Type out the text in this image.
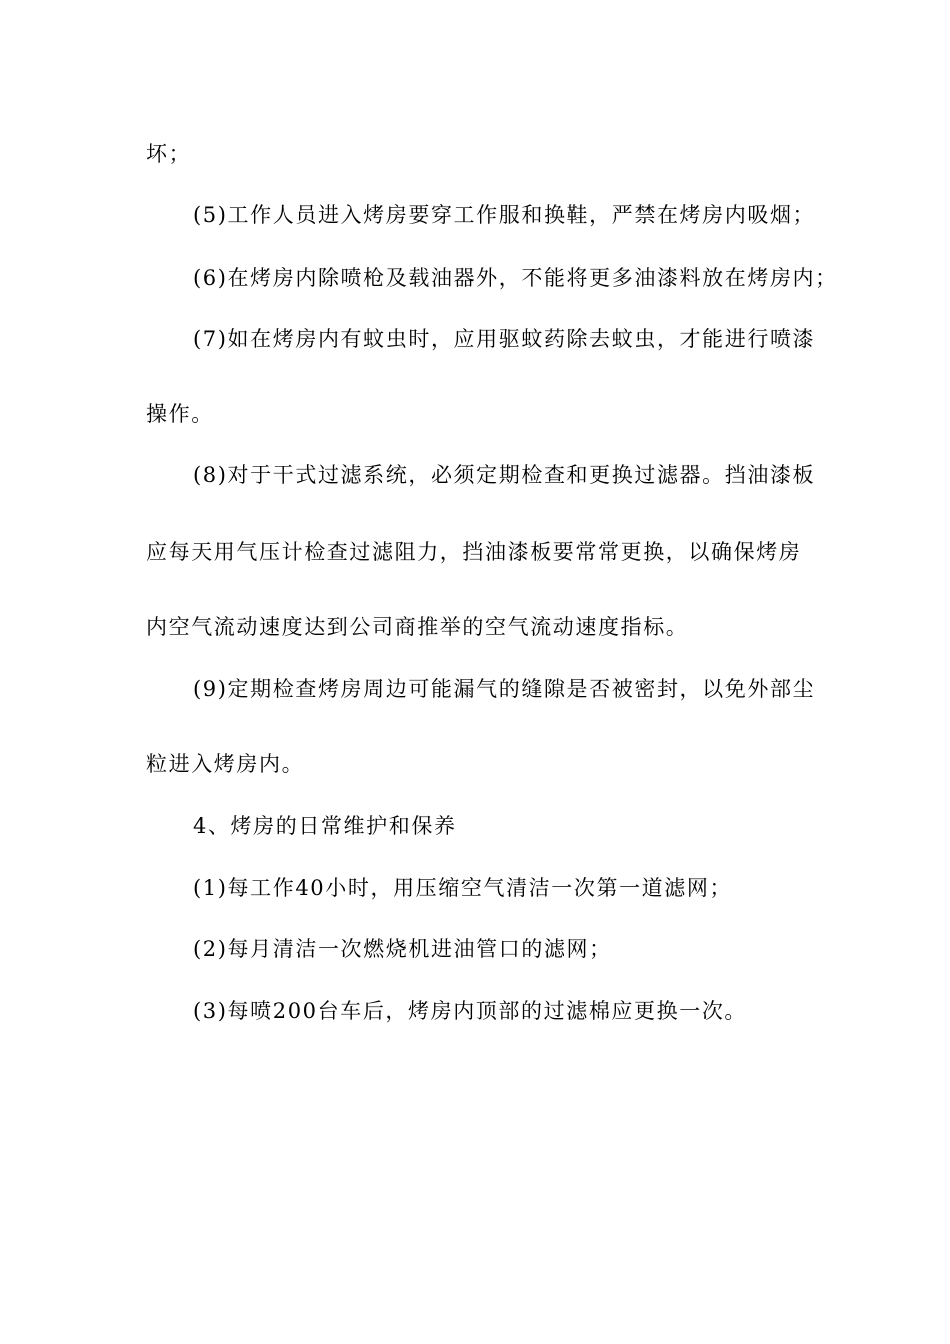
坏；
(5)工作人员进入烤房要穿工作服和换鞋，严禁在烤房内吸烟；
(6)在烤房内除喷枪及载油器外，不能将更多油漆料放在烤房内；
(7)如在烤房内有蚊虫时，应用驱蚊药除去蚊虫，才能进行喷漆
操作。
(8)对于干式过滤系统，必须定期检查和更换过滤器。挡油漆板
应每天用气压计检查过滤阻力，挡油漆板要常常更换，以确保烤房
内空气流动速度达到公司商推举的空气流动速度指标。
(9)定期检查烤房周边可能漏气的缝隙是否被密封，以免外部尘
粒进入烤房内。
4、烤房的日常维护和保养
(1)每工作40小时，用压缩空气清洁一次第一道滤网；
(2)每月清洁一次燃烧机进油管口的滤网；
(3)每喷200台车后，烤房内顶部的过滤棉应更换一次。
